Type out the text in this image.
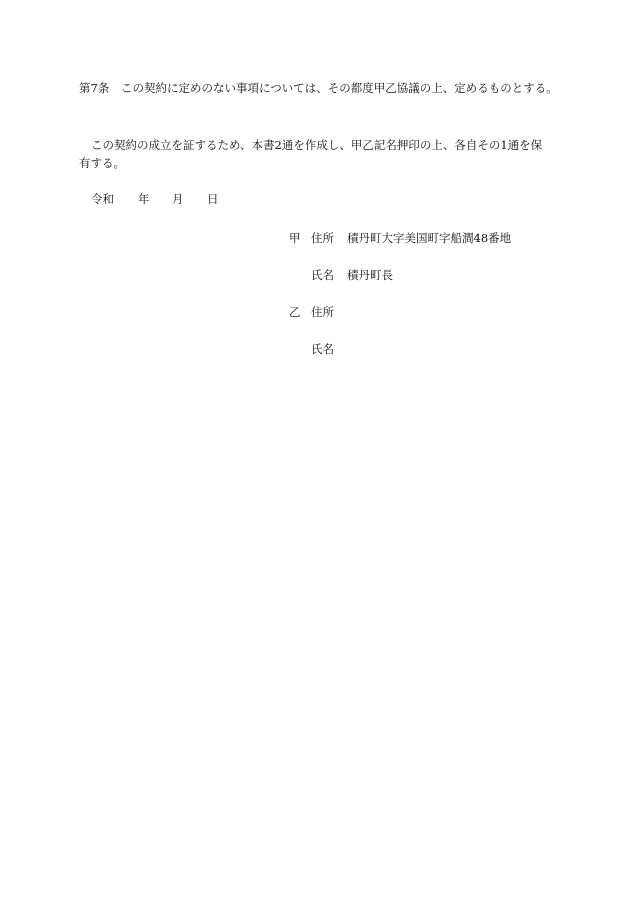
第7条 この契約に定めのない事項については、その都度甲乙協議の上、定めるものとする。
この契約の成立を証するため、本書2通を作成し、甲乙記名押印の上、各自その1通を保
有する。
令和 年 月 日
甲 住所 積丹町大字美国町字船澗48番地
氏名 積丹町長
乙 住所
氏名
